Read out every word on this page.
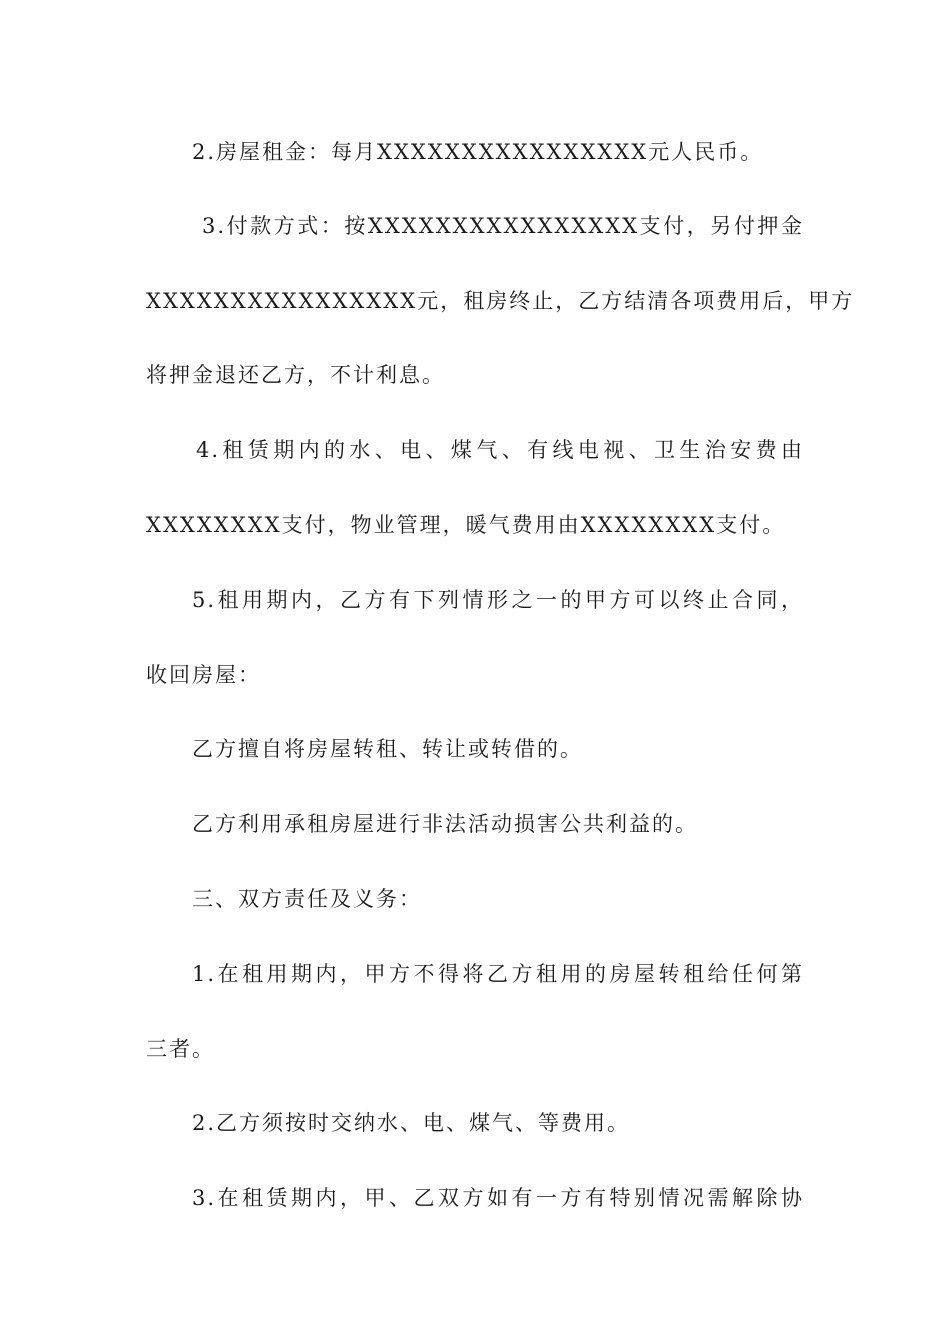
2.房屋租金：每月XXXXXXXXXXXXXXXX元人民币。
3.付款方式：按XXXXXXXXXXXXXXXX支付，另付押金
XXXXXXXXXXXXXXXX元，租房终止，乙方结清各项费用后，甲方
将押金退还乙方，不计利息。
4.租赁期内的水、电、煤气、有线电视、卫生治安费由
XXXXXXXX支付，物业管理，暖气费用由XXXXXXXX支付。
5.租用期内，乙方有下列情形之一的甲方可以终止合同，
收回房屋：
乙方擅自将房屋转租、转让或转借的。
乙方利用承租房屋进行非法活动损害公共利益的。
三、双方责任及义务：
1.在租用期内，甲方不得将乙方租用的房屋转租给任何第
三者。
2.乙方须按时交纳水、电、煤气、等费用。
3.在租赁期内，甲、乙双方如有一方有特别情况需解除协
